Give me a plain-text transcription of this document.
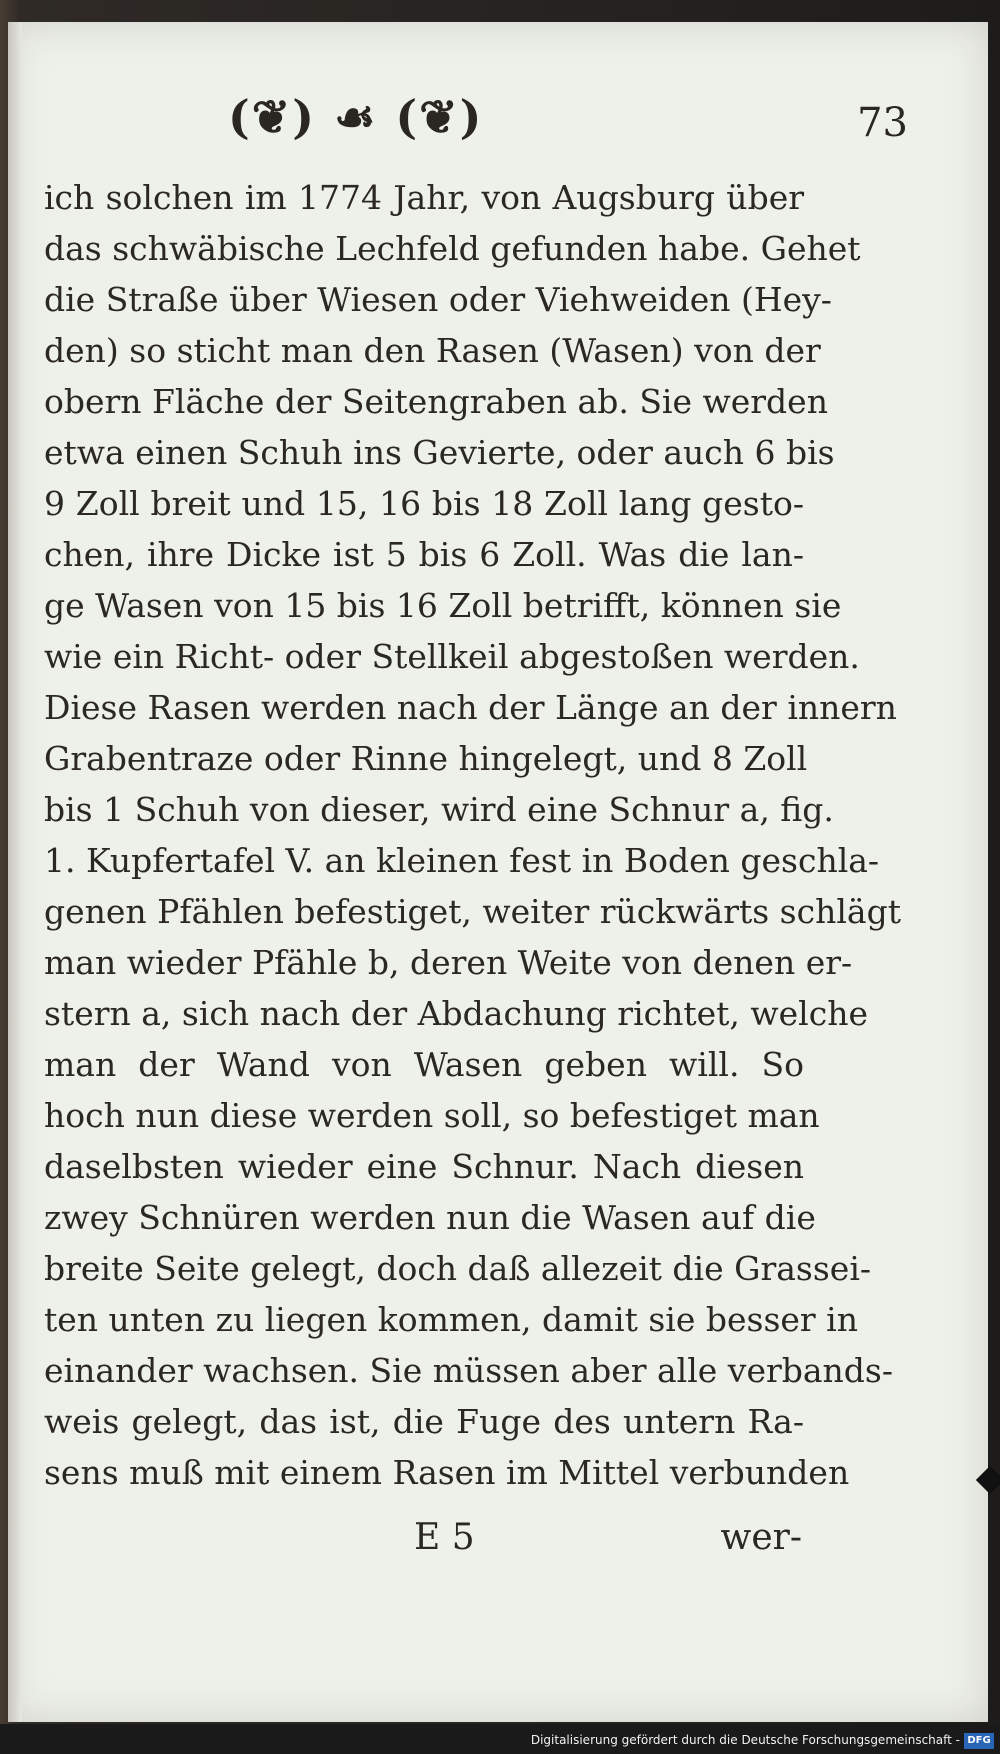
(❦) ☙ (❦)	73
ich solchen im 1774 Jahr, von Augsburg über
das schwäbische Lechfeld gefunden habe. Gehet
die Straße über Wiesen oder Viehweiden (Hey-
den) so sticht man den Rasen (Wasen) von der
obern Fläche der Seitengraben ab. Sie werden
etwa einen Schuh ins Gevierte, oder auch 6 bis
9 Zoll breit und 15, 16 bis 18 Zoll lang gesto-
chen, ihre Dicke ist 5 bis 6 Zoll. Was die lan-
ge Wasen von 15 bis 16 Zoll betrifft, können sie
wie ein Richt- oder Stellkeil abgestoßen werden.
Diese Rasen werden nach der Länge an der innern
Grabentraze oder Rinne hingelegt, und 8 Zoll
bis 1 Schuh von dieser, wird eine Schnur a, fig.
1. Kupfertafel V. an kleinen fest in Boden geschla-
genen Pfählen befestiget, weiter rückwärts schlägt
man wieder Pfähle b, deren Weite von denen er-
stern a, sich nach der Abdachung richtet, welche
man der Wand von Wasen geben will. So
hoch nun diese werden soll, so befestiget man
daselbsten wieder eine Schnur. Nach diesen
zwey Schnüren werden nun die Wasen auf die
breite Seite gelegt, doch daß allezeit die Grassei-
ten unten zu liegen kommen, damit sie besser in
einander wachsen. Sie müssen aber alle verbands-
weis gelegt, das ist, die Fuge des untern Ra-
sens muß mit einem Rasen im Mittel verbunden
E 5	wer-
Digitalisierung gefördert durch die Deutsche Forschungsgemeinschaft - DFG
